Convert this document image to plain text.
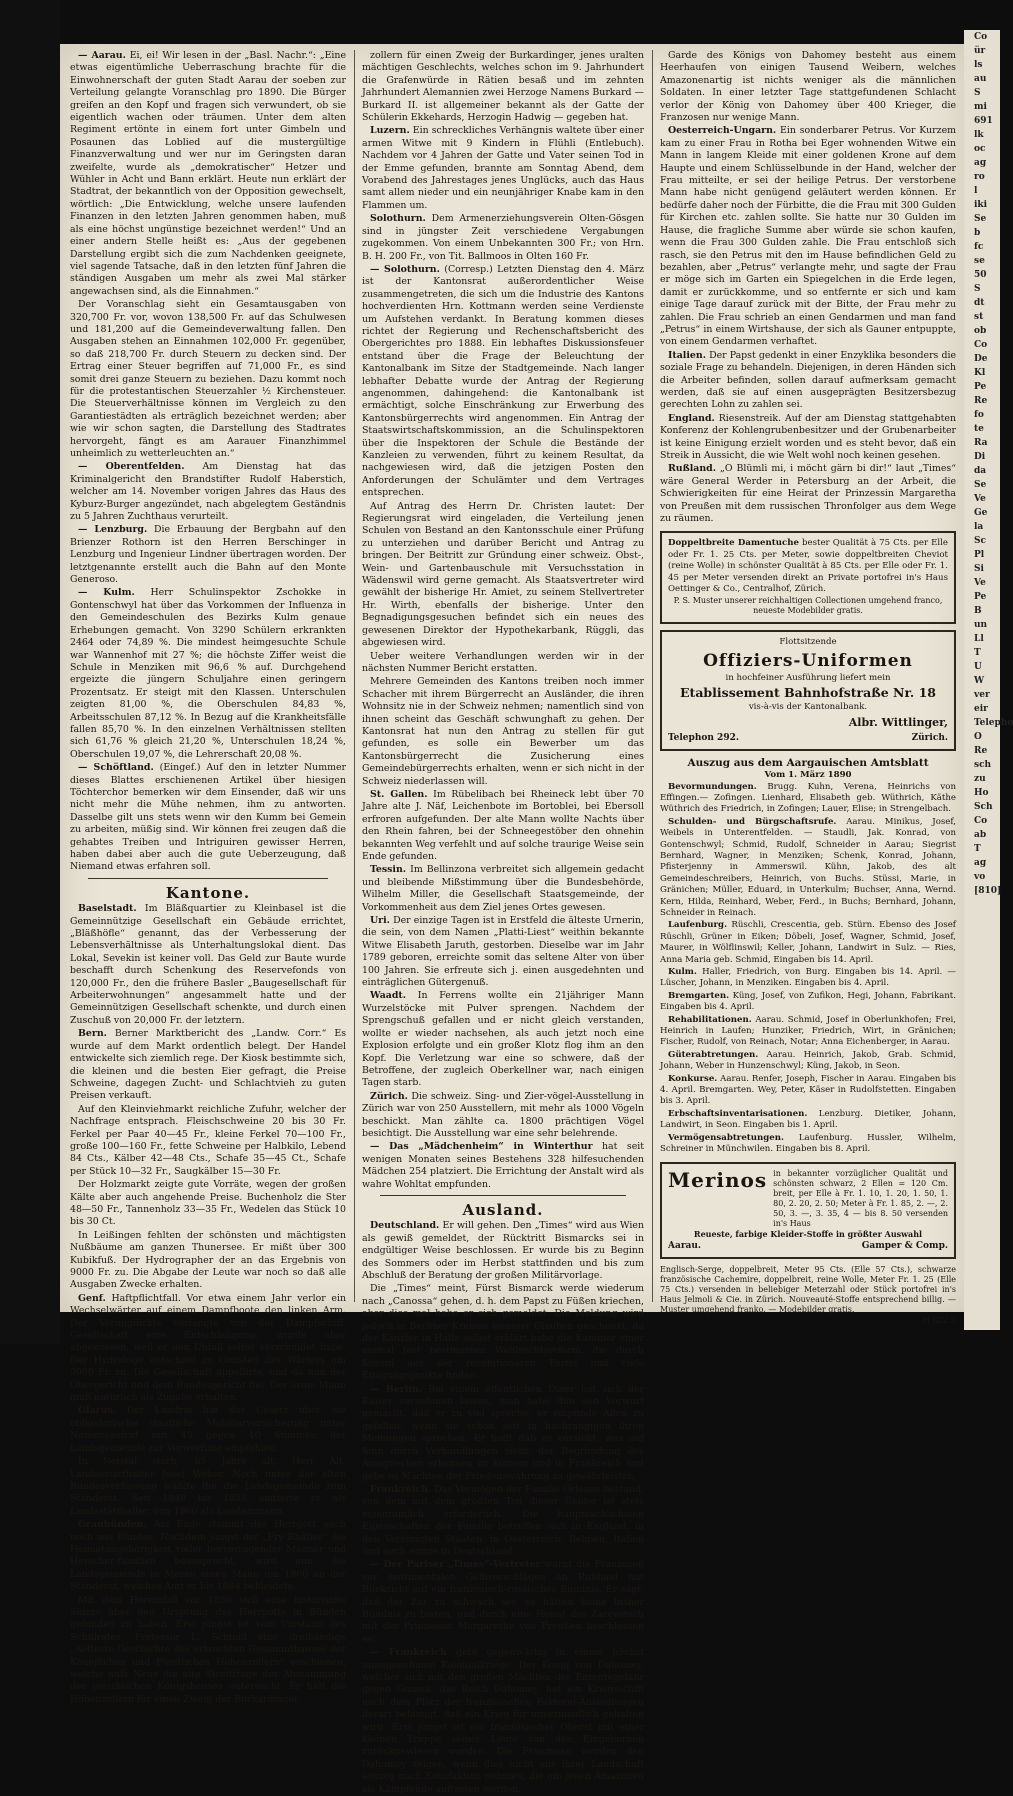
— Aarau. Ei, ei! Wir lesen in der „Basl. Nachr.“: „Eine etwas eigentümliche Ueberraschung brachte für die Einwohnerschaft der guten Stadt Aarau der soeben zur Verteilung gelangte Voranschlag pro 1890. Die Bürger greifen an den Kopf und fragen sich verwundert, ob sie eigentlich wachen oder träumen. Unter dem alten Regiment ertönte in einem fort unter Gimbeln und Posaunen das Loblied auf die mustergültige Finanzverwaltung und wer nur im Geringsten daran zweifelte, wurde als „demokratischer“ Hetzer und Wühler in Acht und Bann erklärt. Heute nun erklärt der Stadtrat, der bekanntlich von der Opposition gewechselt, wörtlich: „Die Entwicklung, welche unsere laufenden Finanzen in den letzten Jahren genommen haben, muß als eine höchst ungünstige bezeichnet werden!“ Und an einer andern Stelle heißt es: „Aus der gegebenen Darstellung ergibt sich die zum Nachdenken geeignete, viel sagende Tatsache, daß in den letzten fünf Jahren die ständigen Ausgaben um mehr als zwei Mal stärker angewachsen sind, als die Einnahmen.“

Der Voranschlag sieht ein Gesamtausgaben von 320,700 Fr. vor, wovon 138,500 Fr. auf das Schulwesen und 181,200 auf die Gemeindeverwaltung fallen. Den Ausgaben stehen an Einnahmen 102,000 Fr. gegenüber, so daß 218,700 Fr. durch Steuern zu decken sind. Der Ertrag einer Steuer begriffen auf 71,000 Fr., es sind somit drei ganze Steuern zu beziehen. Dazu kommt noch für die protestantischen Steuerzahler ½ Kirchensteuer. Die Steuerverhältnisse können im Vergleich zu den Garantiestädten als erträglich bezeichnet werden; aber wie wir schon sagten, die Darstellung des Stadtrates hervorgeht, fängt es am Aarauer Finanzhimmel unheimlich zu wetterleuchten an.“

— Oberentfelden. Am Dienstag hat das Kriminalgericht den Brandstifter Rudolf Haberstich, welcher am 14. November vorigen Jahres das Haus des Kyburz-Burger angezündet, nach abgelegtem Geständnis zu 5 Jahren Zuchthaus verurteilt.

— Lenzburg. Die Erbauung der Bergbahn auf den Brienzer Rothorn ist den Herren Berschinger in Lenzburg und Ingenieur Lindner übertragen worden. Der letztgenannte erstellt auch die Bahn auf den Monte Generoso.

— Kulm. Herr Schulinspektor Zschokke in Gontenschwyl hat über das Vorkommen der Influenza in den Gemeindeschulen des Bezirks Kulm genaue Erhebungen gemacht. Von 3290 Schülern erkrankten 2464 oder 74,89 %. Die mindest heimgesuchte Schule war Wannenhof mit 27 %; die höchste Ziffer weist die Schule in Menziken mit 96,6 % auf. Durchgehend ergeizte die jüngern Schuljahre einen geringern Prozentsatz. Er steigt mit den Klassen. Unterschulen zeigten 81,00 %, die Oberschulen 84,83 %, Arbeitsschulen 87,12 %. In Bezug auf die Krankheitsfälle fallen 85,70 %. In den einzelnen Verhältnissen stellten sich 61,76 % gleich 21,20 %, Unterschulen 18,24 %, Oberschulen 19,07 %, die Lehrerschaft 20,08 %.

— Schöftland. (Eingef.) Auf den in letzter Nummer dieses Blattes erschienenen Artikel über hiesigen Töchterchor bemerken wir dem Einsender, daß wir uns nicht mehr die Mühe nehmen, ihm zu antworten. Dasselbe gilt uns stets wenn wir den Kumm bei Gemein zu arbeiten, müßig sind. Wir können frei zeugen daß die gehabtes Treiben und Intriguiren gewisser Herren, haben dabei aber auch die gute Ueberzeugung, daß Niemand etwas erfahren soll.

Kantone.

Baselstadt. Im Bläßquartier zu Kleinbasel ist die Gemeinnützige Gesellschaft ein Gebäude errichtet, „Bläßhöfle“ genannt, das der Verbesserung der Lebensverhältnisse als Unterhaltungslokal dient. Das Lokal, Sevekin ist keiner voll. Das Geld zur Baute wurde beschafft durch Schenkung des Reservefonds von 120,000 Fr., den die frühere Basler „Baugesellschaft für Arbeiterwohnungen“ angesammelt hatte und der Gemeinnützigen Gesellschaft schenkte, und durch einen Zuschuß von 20,000 Fr. der letztern.

Bern. Berner Marktbericht des „Landw. Corr.“ Es wurde auf dem Markt ordentlich belegt. Der Handel entwickelte sich ziemlich rege. Der Kiosk bestimmte sich, die kleinen und die besten Eier gefragt, die Preise Schweine, dagegen Zucht- und Schlachtvieh zu guten Preisen verkauft.

Auf den Kleinviehmarkt reichliche Zufuhr, welcher der Nachfrage entsprach. Fleischschweine 20 bis 30 Fr. Ferkel per Paar 40—45 Fr., kleine Ferkel 70—100 Fr., große 100—160 Fr., fette Schweine per Halbkilo, Lebend 84 Cts., Kälber 42—48 Cts., Schafe 35—45 Ct., Schafe per Stück 10—32 Fr., Saugkälber 15—30 Fr.

Der Holzmarkt zeigte gute Vorräte, wegen der großen Kälte aber auch angehende Preise. Buchenholz die Ster 48—50 Fr., Tannenholz 33—35 Fr., Wedelen das Stück 10 bis 30 Ct.

In Leißingen fehlten der schönsten und mächtigsten Nußbäume am ganzen Thunersee. Er mißt über 300 Kubikfuß. Der Hydrographer der an das Ergebnis von 9000 Fr. zu. Die Abgabe der Leute war noch so daß alle Ausgaben Zwecke erhalten.

Genf. Haftpflichtfall. Vor etwa einem Jahr verlor ein Wechselwärter auf einem Dampfboote den linken Arm. Der Verunglückte verlangte von der Dampfschiff-Gesellschaft eine Entschädigung, wurde aber abgewiesen, weil er den Unfall selbst verschuldet habe. Der Hydrologe entschied zu Gunsten des Wärters um 9000 Fr. zu. Die Gesellschaft appellirte, und da nun der Obergericht und dem Bundesgericht fiel. Der arme Mann muß natürlich als Zugabe erhalten.

Glarus. Der Landrat hat das Gesetz über die obligatorische staatliche Mobiliarversicherung unter Namensaufruf mit 48 gegen 10 Stimmen der Landsgemeinde zur Verwerfung empfohlen.

In Netstal starb, 85 Jahre alt, Herr Alt-Landesstatthalter Josef Weber. Noch unter der alten Bundesverfassung wählte ihn die Landsgemeinde zum Ständerat. Seit 1848 bis 1858 amtierte er als Landsstatthalter, von 1860 als Landammann.

Graubünden. Am Ende stammt der Herrgott auch noch aus Bünden. Nachdem jüngst der „Fry Rhätier“ die Heimatangehörigkeit vieler hervorragender Männer und Herscher-familien beansprucht, wird nun die Landsgemeinde in Meran einen Mann um 1860 an der Ständerat, welches Amt er bis 1884 bekleidete.

Mit dem Hereinfall vor 1850 sich eine historische Skizze über den Ursprung des Herrgotts in Bünden gefunden zu haben. Erst jüngst ist vom Vorstand des Schulrates, Professor L. Schmid eine dreibändige „Aelteste Geschichte des erlauchten Gesammthauses der Königlichen und Fürstlichen Hohenzollern“ erschienen, welche aufs Neue die alte Streitfrage der Abstammung des preußischen Königshauses untersucht. Er hält die Hohenzollern für einen Zweig der Burkardinger.

zollern für einen Zweig der Burkardinger, jenes uralten mächtigen Geschlechts, welches schon im 9. Jahrhundert die Grafenwürde in Rätien besaß und im zehnten Jahrhundert Alemannien zwei Herzoge Namens Burkard — Burkard II. ist allgemeiner bekannt als der Gatte der Schülerin Ekkehards, Herzogin Hadwig — gegeben hat.

Luzern. Ein schreckliches Verhängnis waltete über einer armen Witwe mit 9 Kindern in Flühli (Entlebuch). Nachdem vor 4 Jahren der Gatte und Vater seinen Tod in der Emme gefunden, brannte am Sonntag Abend, dem Vorabend des Jahrestages jenes Unglücks, auch das Haus samt allem nieder und ein neunjähriger Knabe kam in den Flammen um.

Solothurn. Dem Armenerziehungsverein Olten-Gösgen sind in jüngster Zeit verschiedene Vergabungen zugekommen. Von einem Unbekannten 300 Fr.; von Hrn. B. H. 200 Fr., von Tit. Ballmoos in Olten 160 Fr.

— Solothurn. (Corresp.) Letzten Dienstag den 4. März ist der Kantonsrat außerordentlicher Weise zusammengetreten, die sich um die Industrie des Kantons hochverdienten Hrn. Kottmann werden seine Verdienste um Aufstehen verdankt. In Beratung kommen dieses richtet der Regierung und Rechenschaftsbericht des Obergerichtes pro 1888. Ein lebhaftes Diskussionsfeuer entstand über die Frage der Beleuchtung der Kantonalbank im Sitze der Stadtgemeinde. Nach langer lebhafter Debatte wurde der Antrag der Regierung angenommen, dahingehend: die Kantonalbank ist ermächtigt, solche Einschränkung zur Erwerbung des Kantonsbürgerrechts wird angenommen. Ein Antrag der Staatswirtschaftskommission, an die Schulinspektoren über die Inspektoren der Schule die Bestände der Kanzleien zu verwenden, führt zu keinem Resultat, da nachgewiesen wird, daß die jetzigen Posten den Anforderungen der Schulämter und dem Vertrages entsprechen.

Auf Antrag des Herrn Dr. Christen lautet: Der Regierungsrat wird eingeladen, die Verteilung jenen Schulen von Bestand an den Kantonsschule einer Prüfung zu unterziehen und darüber Bericht und Antrag zu bringen. Der Beitritt zur Gründung einer schweiz. Obst-, Wein- und Gartenbauschule mit Versuchsstation in Wädenswil wird gerne gemacht. Als Staatsvertreter wird gewählt der bisherige Hr. Amiet, zu seinem Stellvertreter Hr. Wirth, ebenfalls der bisherige. Unter den Begnadigungsgesuchen befindet sich ein neues des gewesenen Direktor der Hypothekarbank, Rüggli, das abgewiesen wird.

Ueber weitere Verhandlungen werden wir in der nächsten Nummer Bericht erstatten.

Mehrere Gemeinden des Kantons treiben noch immer Schacher mit ihrem Bürgerrecht an Ausländer, die ihren Wohnsitz nie in der Schweiz nehmen; namentlich sind von ihnen scheint das Geschäft schwunghaft zu gehen. Der Kantonsrat hat nun den Antrag zu stellen für gut gefunden, es solle ein Bewerber um das Kantonsbürgerrecht die Zusicherung eines Gemeindebürgerrechts erhalten, wenn er sich nicht in der Schweiz niederlassen will.

St. Gallen. Im Rübelibach bei Rheineck lebt über 70 Jahre alte J. Näf, Leichenbote im Bortoblei, bei Ebersoll erfroren aufgefunden. Der alte Mann wollte Nachts über den Rhein fahren, bei der Schneegestöber den ohnehin bekannten Weg verfehlt und auf solche traurige Weise sein Ende gefunden.

Tessin. Im Bellinzona verbreitet sich allgemein gedacht und bleibende Mißstimmung über die Bundesbehörde, Wilhelm Miller, die Gesellschaft Staatsgemeinde, der Vorkommenheit aus dem Ziel jenes Ortes gewesen.

Uri. Der einzige Tagen ist in Erstfeld die älteste Urnerin, die sein, von dem Namen „Platti-Liest“ weithin bekannte Witwe Elisabeth Jaruth, gestorben. Dieselbe war im Jahr 1789 geboren, erreichte somit das seltene Alter von über 100 Jahren. Sie erfreute sich j. einen ausgedehnten und einträglichen Gütergenuß.

Waadt. In Ferrens wollte ein 21jähriger Mann Wurzelstöcke mit Pulver sprengen. Nachdem der Sprengschuß gefallen und er nicht gleich verstanden, wollte er wieder nachsehen, als auch jetzt noch eine Explosion erfolgte und ein großer Klotz flog ihm an den Kopf. Die Verletzung war eine so schwere, daß der Betroffene, der zugleich Oberkellner war, nach einigen Tagen starb.

Zürich. Die schweiz. Sing- und Zier-vögel-Ausstellung in Zürich war von 250 Ausstellern, mit mehr als 1000 Vögeln beschickt. Man zählte ca. 1800 prächtigen Vögel besichtigt. Die Ausstellung war eine sehr belehrende.

— Das „Mädchenheim“ in Winterthur hat seit wenigen Monaten seines Bestehens 328 hilfesuchenden Mädchen 254 platziert. Die Errichtung der Anstalt wird als wahre Wohltat empfunden.

Ausland.

Deutschland. Er will gehen. Den „Times“ wird aus Wien als gewiß gemeldet, der Rücktritt Bismarcks sei in endgültiger Weise beschlossen. Er wurde bis zu Beginn des Sommers oder im Herbst stattfinden und bis zum Abschluß der Beratung der großen Militärvorlage.

Die „Times“ meint, Fürst Bismarck werde wiederum nach „Canossa“ gehen, d. h. dem Papst zu Füßen kriechen, aber dies mal habe er sich gemeldet. Die Meldung wird jedoch in Berliner Kreisen weniger Glauben geschenkt, da der Kanzler in Halle selbst erklärt habe die Kammer einer einmal fest bestimmten Wahlrechtsreform, die durch Konsul aus der revolutionären Partei und viele Einigungspunkte finden.

— Berlin. Bei einem öffentlichen Diner hat sich der Kaiser vernehmen lassen, man habe ihm den Vorwurf gemacht, daß er zu viel spreche; er empfinde Allen zu gefallen, wenn sie schon seit in hochrangigen ihren Meinungen sprechen. Er hofft daß er vorsieht, was auf Sinn durch Verhandlungen sieht, der Begründung des Aussprechen erkennen zu können und in Frankreich und gebe es Mächten der Friedenswahrung zu gewährleisten.

Frankreich. Das Vermögen der Familie Orleans bestand, von dem mit dem größten Teil dieser Gelder ist stets eigentümlich erforderlich. Die hauptsächlichsten Eigenschaften der Familie betreffen sich in England, in den Vereinigten Staaten, in Oesterreich, Belgien, Italien und auch einige in Deutschland.

— Der Pariser „Times“-Vertreter warnt die Franzosen vor sentimentalen Gelbvorschlägen an Rußland mit Rücksicht auf ein französisch-russisches Bündnis. Er sagt, daß der Zar zu schwach sei; es hätten keine bisher Bündnis zu bieten, und durch eine Heirat des Zarewitsch mit der Prinzessin Margarethe von Preußen beschlossen sei.

— Frankreich gebt gegenwärtig in einem höchst unangenehmen Kolonialkriege. Der Konig von Dahomey, welcher sich mit den großen Mächten der Ententegefahr gegen Guinea, das Reich Dahomey, hat ein Kriegsschiff nach dem Platz der französischen Faktorei-Ansiedlungen derart belästigt, daß ein Krieg für unvermeidlich gehalten wird. Erst jüngst ist ein französischer Oberst mit einer kleinen Truppe seiner Leute von den Eingebornen zurückgewiesen worden. Die Franzosen werden den Dahomey zeigen, wenn dies nicht aus ihrer Landschaft auszog nach Satisfaktion nehmen, die um jenen Amazonen als Kämpfende auftreten werden.

Garde des Königs von Dahomey besteht aus einem Heerhaufen von einigen Tausend Weibern, welches Amazonenartig ist nichts weniger als die männlichen Soldaten. In einer letzter Tage stattgefundenen Schlacht verlor der König von Dahomey über 400 Krieger, die Franzosen nur wenige Mann.

Oesterreich-Ungarn. Ein sonderbarer Petrus. Vor Kurzem kam zu einer Frau in Rotha bei Eger wohnenden Witwe ein Mann in langem Kleide mit einer goldenen Krone auf dem Haupte und einem Schlüsselbunde in der Hand, welcher der Frau mitteilte, er sei der heilige Petrus. Der verstorbene Mann habe nicht genügend geläutert werden können. Er bedürfe daher noch der Fürbitte, die die Frau mit 300 Gulden für Kirchen etc. zahlen sollte. Sie hatte nur 30 Gulden im Hause, die fragliche Summe aber würde sie schon kaufen, wenn die Frau 300 Gulden zahle. Die Frau entschloß sich rasch, sie den Petrus mit den im Hause befindlichen Geld zu bezahlen, aber „Petrus“ verlangte mehr, und sagte der Frau er möge sich im Garten ein Spiegelchen in die Erde legen, damit er zurückkomme, und so entfernte er sich und kam einige Tage darauf zurück mit der Bitte, der Frau mehr zu zahlen. Die Frau schrieb an einen Gendarmen und man fand „Petrus“ in einem Wirtshause, der sich als Gauner entpuppte, von einem Gendarmen verhaftet.

Italien. Der Papst gedenkt in einer Enzyklika besonders die soziale Frage zu behandeln. Diejenigen, in deren Händen sich die Arbeiter befinden, sollen darauf aufmerksam gemacht werden, daß sie auf einen ausgeprägten Besitzersbezug gerechten Lohn zu zahlen sei.

England. Riesenstreik. Auf der am Dienstag stattgehabten Konferenz der Kohlengrubenbesitzer und der Grubenarbeiter ist keine Einigung erzielt worden und es steht bevor, daß ein Streik in Aussicht, die wie Welt wohl noch keinen gesehen.

Rußland. „O Blümli mi, i möcht gärn bi dir!“ laut „Times“ wäre General Werder in Petersburg an der Arbeit, die Schwierigkeiten für eine Heirat der Prinzessin Margaretha von Preußen mit dem russischen Thronfolger aus dem Wege zu räumen.

Doppeltbreite Damentuche bester Qualität à 75 Cts. per Elle oder Fr. 1. 25 Cts. per Meter, sowie doppeltbreiten Cheviot (reine Wolle) in schönster Qualität à 85 Cts. per Elle oder Fr. 1. 45 per Meter versenden direkt an Private portofrei in's Haus Oettinger & Co., Centralhof, Zürich.

P. S. Muster unserer reichhaltigen Collectionen umgehend franco, neueste Modebilder gratis.

Flottsitzende

Offiziers-Uniformen

in hochfeiner Ausführung liefert mein

Etablissement Bahnhofstraße Nr. 18

vis-à-vis der Kantonalbank.

Albr. Wittlinger,

Telephon 292.	Zürich.
Auszug aus dem Aargauischen Amtsblatt
Vom 1. März 1890

Bevormundungen. Brugg. Kuhn, Verena, Heinrichs von Effingen.— Zofingen. Lienhard, Elisabeth geb. Wüthrich, Käthe Wüthrich des Friedrich, in Zofingen; Lauer, Elise; in Strengelbach.

Schulden- und Bürgschaftsrufe. Aarau. Minikus, Josef, Weibels in Unterentfelden. — Staudli, Jak. Konrad, von Gontenschwyl; Schmid, Rudolf, Schneider in Aarau; Siegrist Bernhard, Wagner, in Menziken; Schenk, Konrad, Johann, Pfisterjenny in Ammerswil. Kühn, Jakob, des alt Gemeindeschreibers, Heinrich, von Buchs. Stüssi, Marie, in Gränichen; Müller, Eduard, in Unterkulm; Buchser, Anna, Wernd. Kern, Hilda, Reinhard, Weber, Ferd., in Buchs; Bernhard, Johann, Schneider in Reinach.

Laufenburg. Rüschli, Crescentia, geb. Stürn. Ebenso des Josef Rüschli, Grüner in Eiken; Döbeli, Josef, Wagner, Schmid, Josef, Maurer, in Wölflinswil; Keller, Johann, Landwirt in Sulz. — Ries, Anna Maria geb. Schmid, Eingaben bis 14. April.

Kulm. Haller, Friedrich, von Burg. Eingaben bis 14. April. — Lüscher, Johann, in Menziken. Eingaben bis 4. April.

Bremgarten. Küng, Josef, von Zufikon, Hegi, Johann, Fabrikant. Eingaben bis 4. April.

Rehabilitationen. Aarau. Schmid, Josef in Oberlunkhofen; Frei, Heinrich in Laufen; Hunziker, Friedrich, Wirt, in Gränichen; Fischer, Rudolf, von Reinach, Notar; Anna Eichenberger, in Aarau.

Güterabtretungen. Aarau. Heinrich, Jakob, Grab. Schmid, Johann, Weber in Hunzenschwyl; Küng, Jakob, in Seon.

Konkurse. Aarau. Renfer, Joseph, Fischer in Aarau. Eingaben bis 4. April. Bremgarten. Wey, Peter, Käser in Rudolfstetten. Eingaben bis 3. April.

Erbschaftsinventarisationen. Lenzburg. Dietiker, Johann, Landwirt, in Seon. Eingaben bis 1. April.

Vermögensabtretungen. Laufenburg. Hussler, Wilhelm, Schreiner in Münchwilen. Eingaben bis 8. April.

Merinos in bekannter vorzüglicher Qualität und schönsten schwarz, 2 Ellen = 120 Cm. breit, per Elle à Fr. 1. 10, 1. 20, 1. 50, 1. 80, 2. 20, 2. 50; Meter à Fr. 1. 85, 2. —, 2. 50, 3. —, 3. 35, 4 — bis 8. 50 versenden in's Haus

Reueste, farbige Kleider-Stoffe in größter Auswahl

Aarau.	Gamper & Comp.

Englisch-Serge, doppelbreit, Meter 95 Cts. (Elle 57 Cts.), schwarze französische Cachemire, doppelbreit, reine Wolle, Meter Fr. 1. 25 (Elle 75 Cts.) versenden in beliebiger Meterzahl oder Stück portofrei in's Haus Jelmoli & Cie. in Zürich. Nouveauté-Stoffe entsprechend billig. — Muster umgehend franko. — Modebilder gratis.

H 822 Z

Co
ür
ls
au
S
mi
691
lk
oc
ag
ro
l
iki
Se
b
fc
se
50
S
dt
st
ob
Co
De
Kl
Pe
Re
fo
te
Ra
Di
da
Se
Ve
Ge
la
Sc
Pl
Si
Ve
Pe
B
un
Ll
T
U
W
ver
eir
Telepho
O
Re
sch
zu
Ho
Sch
Co
ab
T
ag
vo
[810]
